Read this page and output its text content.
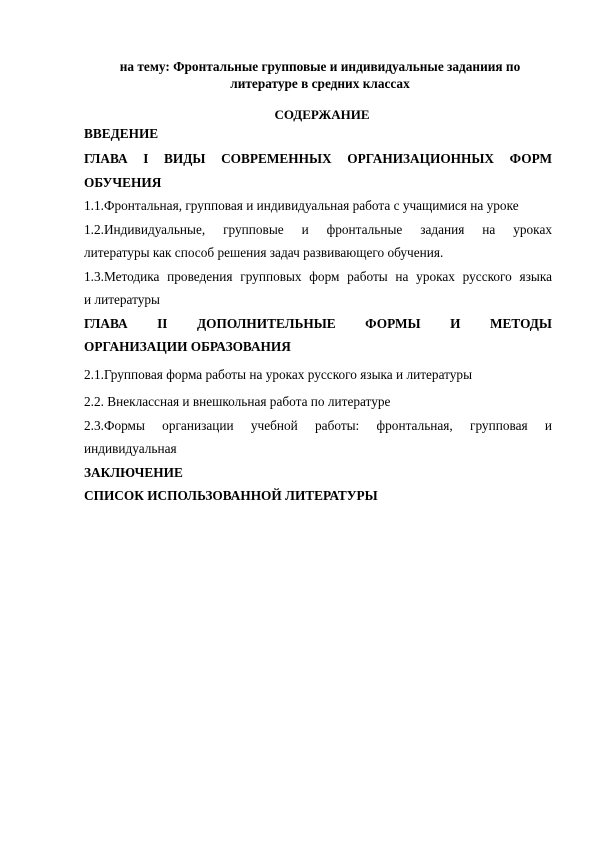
на тему: Фронтальные групповые и индивидуальные заданиия по
литературе в средних классах
СОДЕРЖАНИЕ
ВВЕДЕНИЕ
ГЛАВА I ВИДЫ СОВРЕМЕННЫХ ОРГАНИЗАЦИОННЫХ ФОРМ
ОБУЧЕНИЯ
1.1.Фронтальная, групповая и индивидуальная работа с учащимися на уроке
1.2.Индивидуальные, групповые и фронтальные задания на уроках
литературы как способ решения задач развивающего обучения.
1.3.Методика проведения групповых форм работы на уроках русского языка
и литературы
ГЛАВА II ДОПОЛНИТЕЛЬНЫЕ ФОРМЫ И МЕТОДЫ
ОРГАНИЗАЦИИ ОБРАЗОВАНИЯ
2.1.Групповая форма работы на уроках русского языка и литературы
2.2. Внеклассная и внешкольная работа по литературе
2.3.Формы организации учебной работы: фронтальная, групповая и
индивидуальная
ЗАКЛЮЧЕНИЕ
СПИСОК ИСПОЛЬЗОВАННОЙ ЛИТЕРАТУРЫ
